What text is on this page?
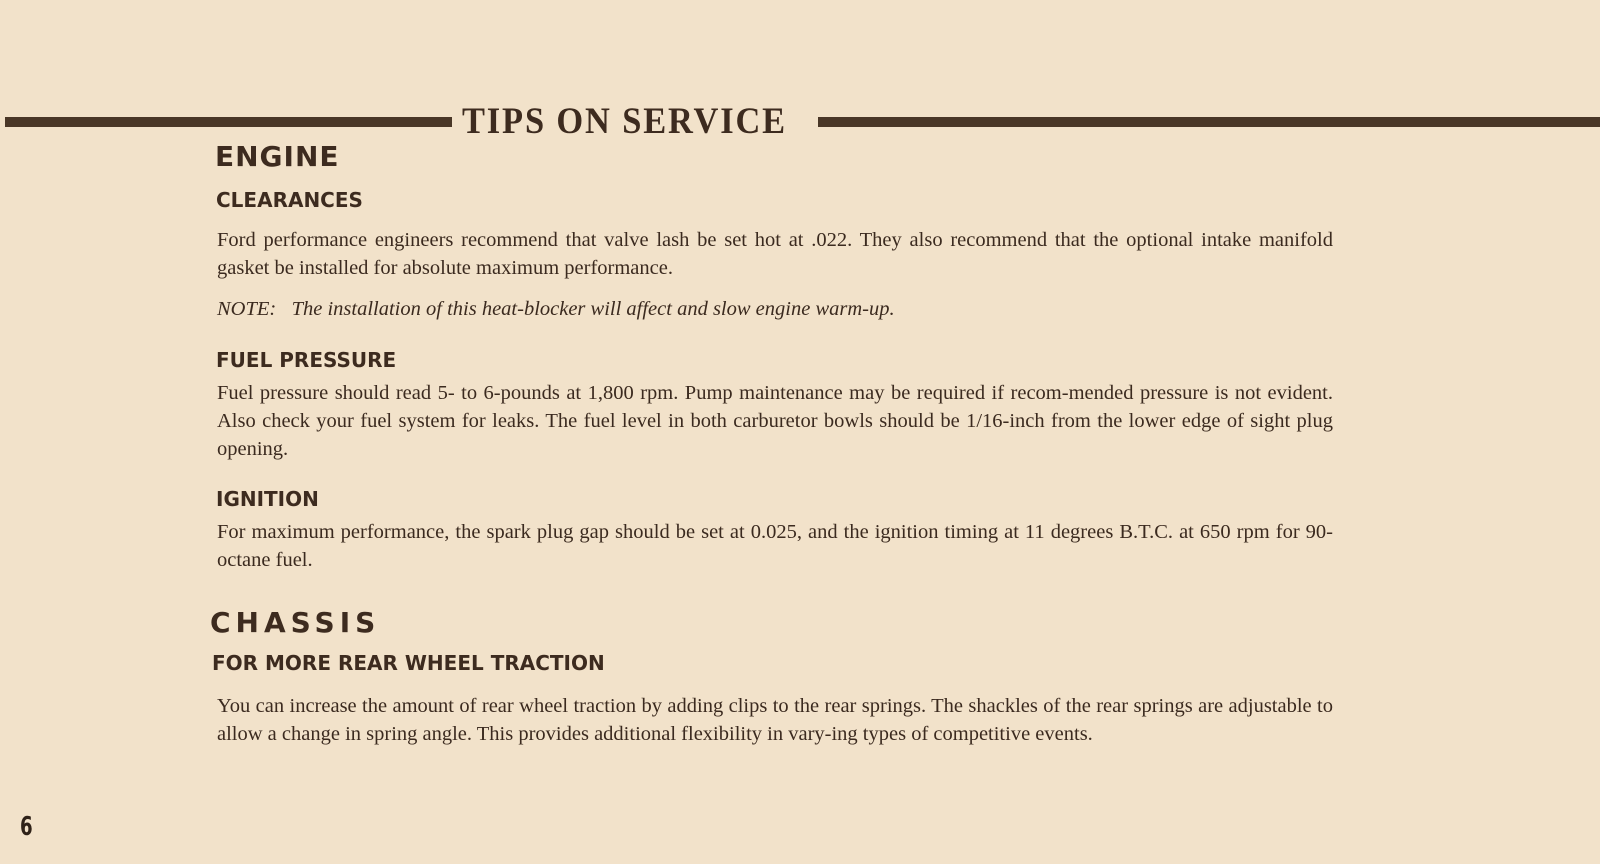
TIPS ON SERVICE
ENGINE
CLEARANCES
Ford performance engineers recommend that valve lash be set hot at .022. They also recommend that the optional intake manifold gasket be installed for absolute maximum performance.
NOTE:   The installation of this heat-blocker will affect and slow engine warm-up.
FUEL PRESSURE
Fuel pressure should read 5- to 6-pounds at 1,800 rpm. Pump maintenance may be required if recom-mended pressure is not evident. Also check your fuel system for leaks. The fuel level in both carburetor bowls should be 1/16-inch from the lower edge of sight plug opening.
IGNITION
For maximum performance, the spark plug gap should be set at 0.025, and the ignition timing at 11 degrees B.T.C. at 650 rpm for 90-octane fuel.
CHASSIS
FOR MORE REAR WHEEL TRACTION
You can increase the amount of rear wheel traction by adding clips to the rear springs. The shackles of the rear springs are adjustable to allow a change in spring angle. This provides additional flexibility in vary-ing types of competitive events.
6
